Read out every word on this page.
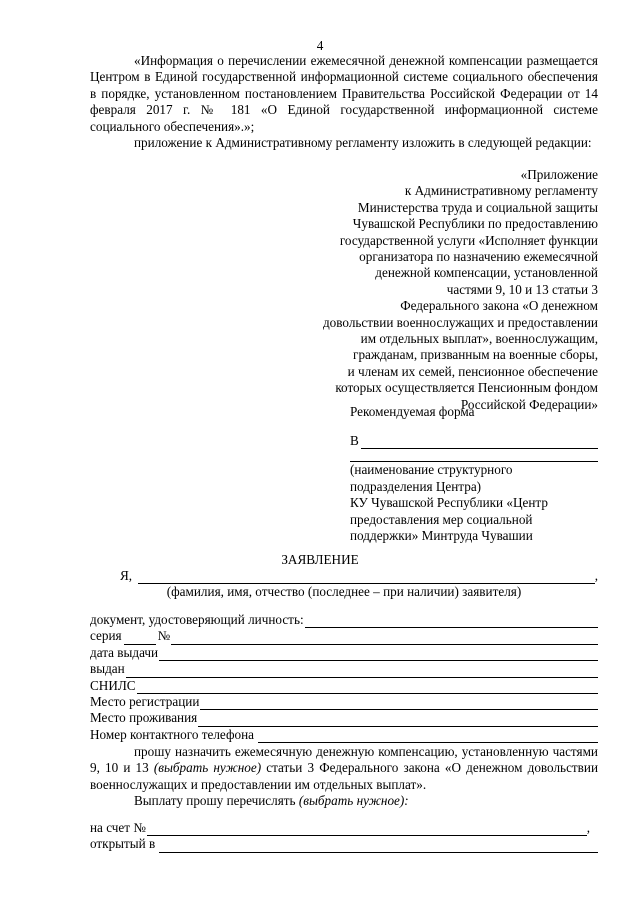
4
«Информация о перечислении ежемесячной денежной компенсации размещается Центром в Единой государственной информационной системе социального обеспечения в порядке, установленном постановлением Правительства Российской Федерации от 14 февраля 2017 г. № 181 «О Единой государственной информационной системе социального обеспечения».»;
приложение к Административному регламенту изложить в следующей редакции:
«Приложение
к Административному регламенту
Министерства труда и социальной защиты
Чувашской Республики по предоставлению
государственной услуги «Исполняет функции
организатора по назначению ежемесячной
денежной компенсации, установленной
частями 9, 10 и 13 статьи 3
Федерального закона «О денежном
довольствии военнослужащих и предоставлении
им отдельных выплат», военнослужащим,
гражданам, призванным на военные сборы,
и членам их семей, пенсионное обеспечение
которых осуществляется Пенсионным фондом
Российской Федерации»
Рекомендуемая форма
В
(наименование структурного
подразделения Центра)
КУ Чувашской Республики «Центр
предоставления мер социальной
поддержки» Минтруда Чувашии
ЗАЯВЛЕНИЕ
Я,	,
(фамилия, имя, отчество (последнее – при наличии) заявителя)
документ, удостоверяющий личность:
серия	№
дата выдачи
выдан
СНИЛС
Место регистрации
Место проживания
Номер контактного телефона
прошу назначить ежемесячную денежную компенсацию, установленную частями 9, 10 и 13 (выбрать нужное) статьи 3 Федерального закона «О денежном довольствии военнослужащих и предоставлении им отдельных выплат».
Выплату прошу перечислять (выбрать нужное):
на счет №	,
открытый в
